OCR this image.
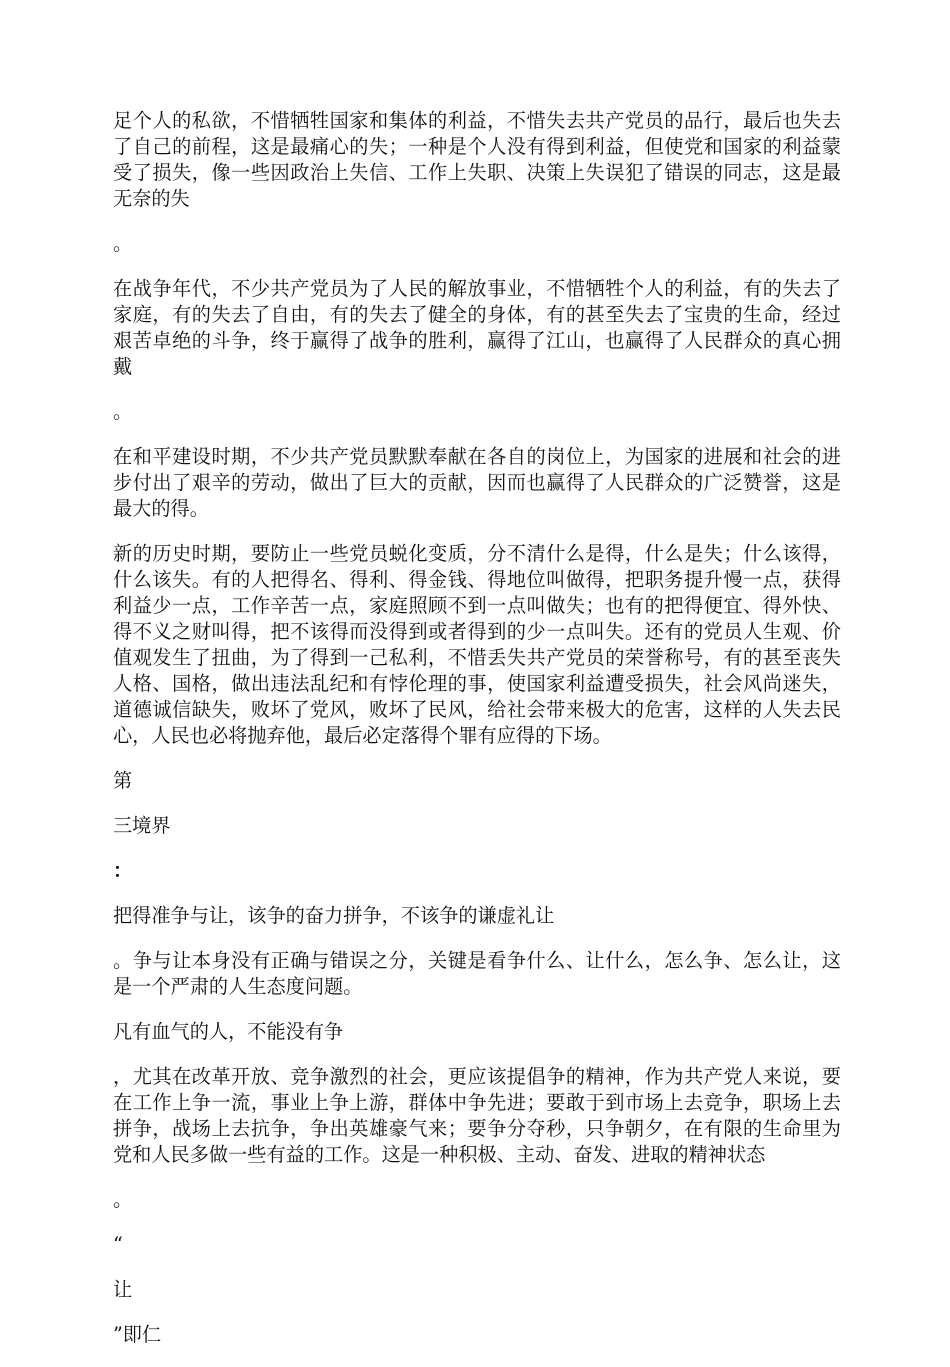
足个人的私欲，不惜牺牲国家和集体的利益，不惜失去共产党员的品行，最后也失去了自己的前程，这是最痛心的失；一种是个人没有得到利益，但使党和国家的利益蒙受了损失，像一些因政治上失信、工作上失职、决策上失误犯了错误的同志，这是最无奈的失

。

在战争年代，不少共产党员为了人民的解放事业，不惜牺牲个人的利益，有的失去了家庭，有的失去了自由，有的失去了健全的身体，有的甚至失去了宝贵的生命，经过艰苦卓绝的斗争，终于赢得了战争的胜利，赢得了江山，也赢得了人民群众的真心拥戴

。

在和平建设时期，不少共产党员默默奉献在各自的岗位上，为国家的进展和社会的进步付出了艰辛的劳动，做出了巨大的贡献，因而也赢得了人民群众的广泛赞誉，这是最大的得。

新的历史时期，要防止一些党员蜕化变质，分不清什么是得，什么是失；什么该得，什么该失。有的人把得名、得利、得金钱、得地位叫做得，把职务提升慢一点，获得利益少一点，工作辛苦一点，家庭照顾不到一点叫做失；也有的把得便宜、得外快、得不义之财叫得，把不该得而没得到或者得到的少一点叫失。还有的党员人生观、价值观发生了扭曲，为了得到一己私利，不惜丢失共产党员的荣誉称号，有的甚至丧失人格、国格，做出违法乱纪和有悖伦理的事，使国家利益遭受损失，社会风尚迷失，道德诚信缺失，败坏了党风，败坏了民风，给社会带来极大的危害，这样的人失去民心，人民也必将抛弃他，最后必定落得个罪有应得的下场。

第

三境界

：

把得准争与让，该争的奋力拼争，不该争的谦虚礼让

。争与让本身没有正确与错误之分，关键是看争什么、让什么，怎么争、怎么让，这是一个严肃的人生态度问题。

凡有血气的人，不能没有争

，尤其在改革开放、竞争激烈的社会，更应该提倡争的精神，作为共产党人来说，要在工作上争一流，事业上争上游，群体中争先进；要敢于到市场上去竞争，职场上去拼争，战场上去抗争，争出英雄豪气来；要争分夺秒，只争朝夕，在有限的生命里为党和人民多做一些有益的工作。这是一种积极、主动、奋发、进取的精神状态

。

“

让

”即仁
